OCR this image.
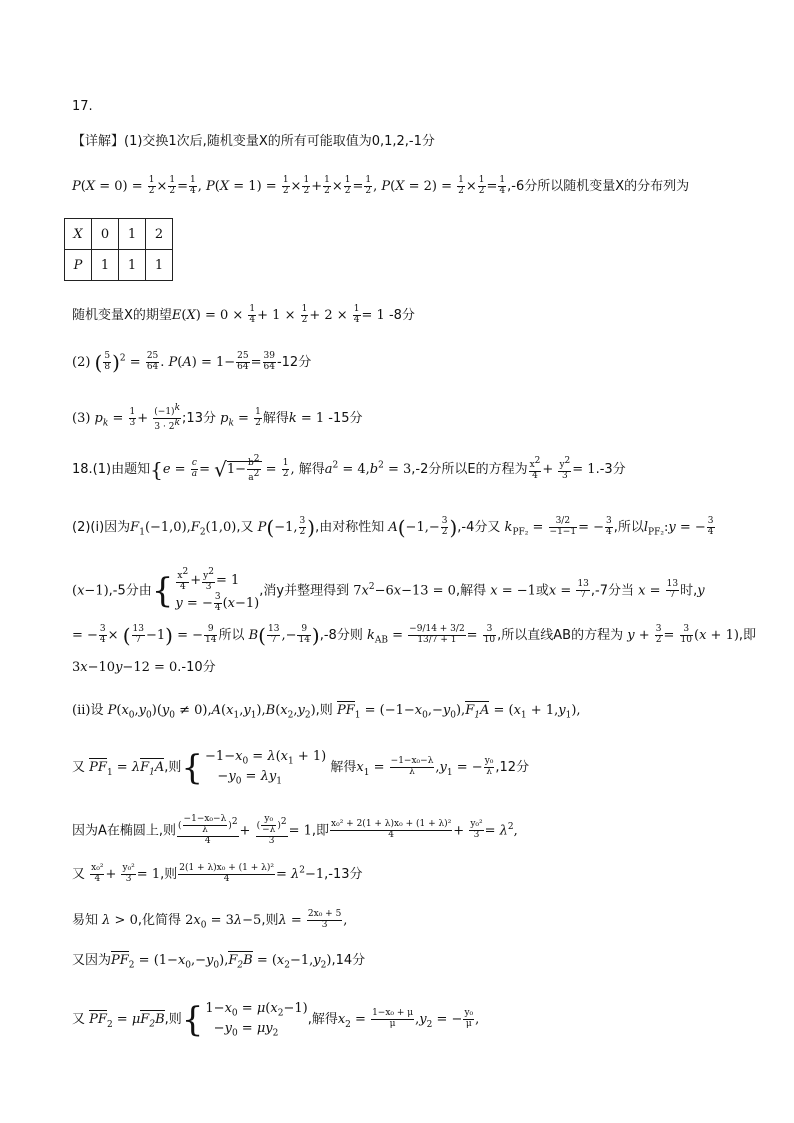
17.
【详解】(1)交换1次后,随机变量X的所有可能取值为0,1,2,-1分
$P(X = 0) = \frac{1}{2} \times \frac{1}{2} = \frac{1}{4}$ , $P(X = 1) = \frac{1}{2} \times \frac{1}{2} + \frac{1}{2} \times \frac{1}{2} = \frac{1}{2}$ , $P(X = 2) = \frac{1}{2} \times \frac{1}{2} = \frac{1}{4} ,-6$分所以随机变量X的分布列为
X	0	1	2
P	1	1	1
随机变量X的期望$E(X) = 0 \times \frac{1}{4} + 1 \times \frac{1}{2} + 2 \times \frac{1}{4} = 1$ -8分
(2) ( $\frac{5}{8} )^2 = \frac{25}{64}$ . $P(A) = 1- \frac{25}{64} = \frac{39}{64} -12$分
(3) $p_k = \frac{1}{3} + \frac{(-1)^k}{3 \cdot 2^k}$ ;13分 $p_k = \frac{1}{2}$ 解得k = 1 -15分
18.(1)由题知{$e = \frac{c}{a} = √1- \frac{b^2}{a^2} = \frac{1}{2}$ , 解得$a^2 = 4,b^2 = 3,-2$分所以E的方程为 $\frac{x^2}{4} + \frac{y^2}{3} = 1.-3$分
(2)(i)因为$F_1(-1,0),F_2(1,0)$,又 P(−1, $\frac{3}{2}$ ),由对称性知 $A(-1,- \frac{3}{2} ),-4$分又 $k_{PF_2} = \frac{3/2}{-1-1}$ = − $\frac{3}{4}$ ,所以$l_{PF_2}:y$ = − $\frac{3}{4}$
(x−1),-5分由{ $\frac{x^2}{4} + \frac{y^2}{3} = 1$
y = − $\frac{3}{4} (x-1)$,消y并整理得到 $7x^2-6x-13 = 0$,解得 x = −1或$x = \frac{13}{7} ,-7$分当 $x = \frac{13}{7}$ 时,y
= − $\frac{3}{4}$ × ( $\frac{13}{7} -1$) = − $\frac{9}{14}$ 所以 $B( \frac{13}{7}$ ,− $\frac{9}{14} ),-8$分则 $k_{AB} = \frac{-9/14 + 3/2}{13/7 + 1} = \frac{3}{10}$ ,所以直线AB的方程为 $y + \frac{3}{2} = \frac{3}{10} (x + 1)$,即
3x−10y−12 = 0.-10分
(ii)设 $P(x_0,y_0)(y_0 \ne 0),A(x_1,y_1),B(x_2,y_2)$,则 $PF_1 = (-1-x_0,-y_0),F_1A = (x_1 + 1,y_1)$,
又 $PF_1 = \lambda F_1A$,则{ $-1-x_0 = \lambda(x_1 + 1)$
$-y_0 = \lambda y_1$ 解得$x_1 = \frac{\text{−1−x₀−λ}}{\lambda} ,y_1$ = − $\frac{\text{y₀}}{\lambda} ,12$分
因为A在椭圆上,则 $\frac{( \frac{\text{−1−x₀−λ}}{\lambda} )^2}{4} + \frac{( \frac{\text{y₀}}{-\lambda} )^2}{3} = 1$,即 $\frac{\text{x₀² + 2(1 + λ)x₀ + (1 + λ)²}}{4} + \frac{\text{y₀²}}{3} = \lambda^2$,
又 $\frac{\text{x₀²}}{4} + \frac{\text{y₀²}}{3} = 1$,则 $\frac{\text{2(1 + λ)x₀ + (1 + λ)²}}{4} = \lambda^2-1,-13$分
易知 λ > 0,化简得 $2x_0 = 3\lambda-5$,则$\lambda = \frac{\text{2x₀ + 5}}{3}$ ,
又因为$PF_2 = (1-x_0,-y_0),F_2B = (x_2-1,y_2),14$分
又 $PF_2 = \mu F_2B$,则{ $1-x_0 = \mu(x_2-1)$
$-y_0 = \mu y_2$,解得$x_2 = \frac{\text{1−x₀ + μ}}{\mu} ,y_2$ = − $\frac{\text{y₀}}{\mu}$ ,
